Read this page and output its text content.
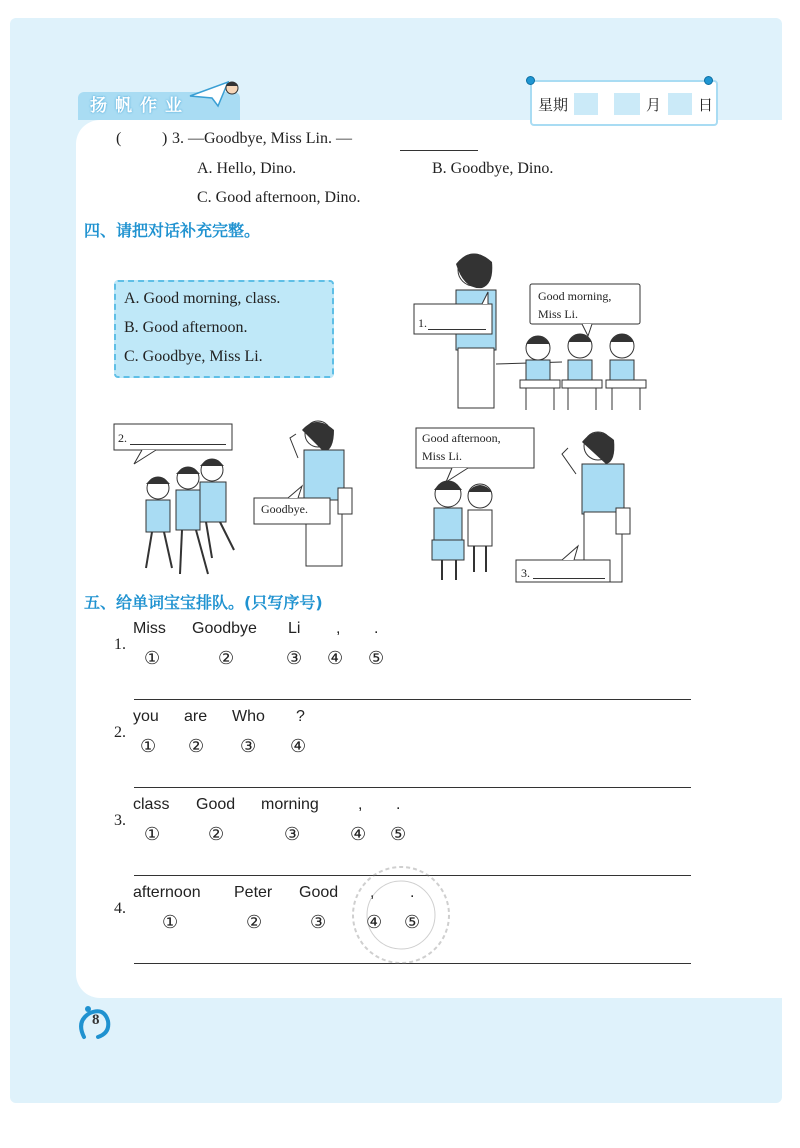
扬帆作业	星期	月 日
(	) 3. —Goodbye, Miss Lin. —
A. Hello, Dino.	B. Goodbye, Dino.
C. Good afternoon, Dino.
四、请把对话补充完整。
A. Good morning, class.
B. Good afternoon.
C. Goodbye, Miss Li.
1.
Good morning,
Miss Li.
2.
Goodbye.
Good afternoon,
Miss Li.
3.
五、给单词宝宝排队。(只写序号)
1.
Miss Goodbye Li , .
①	②	③ ④ ⑤
2.
you are Who ?
① ② ③ ④
3.
class Good morning , .
①	②	③	④ ⑤
4.
afternoon Peter Good , .
①	②	③ ④ ⑤
8
